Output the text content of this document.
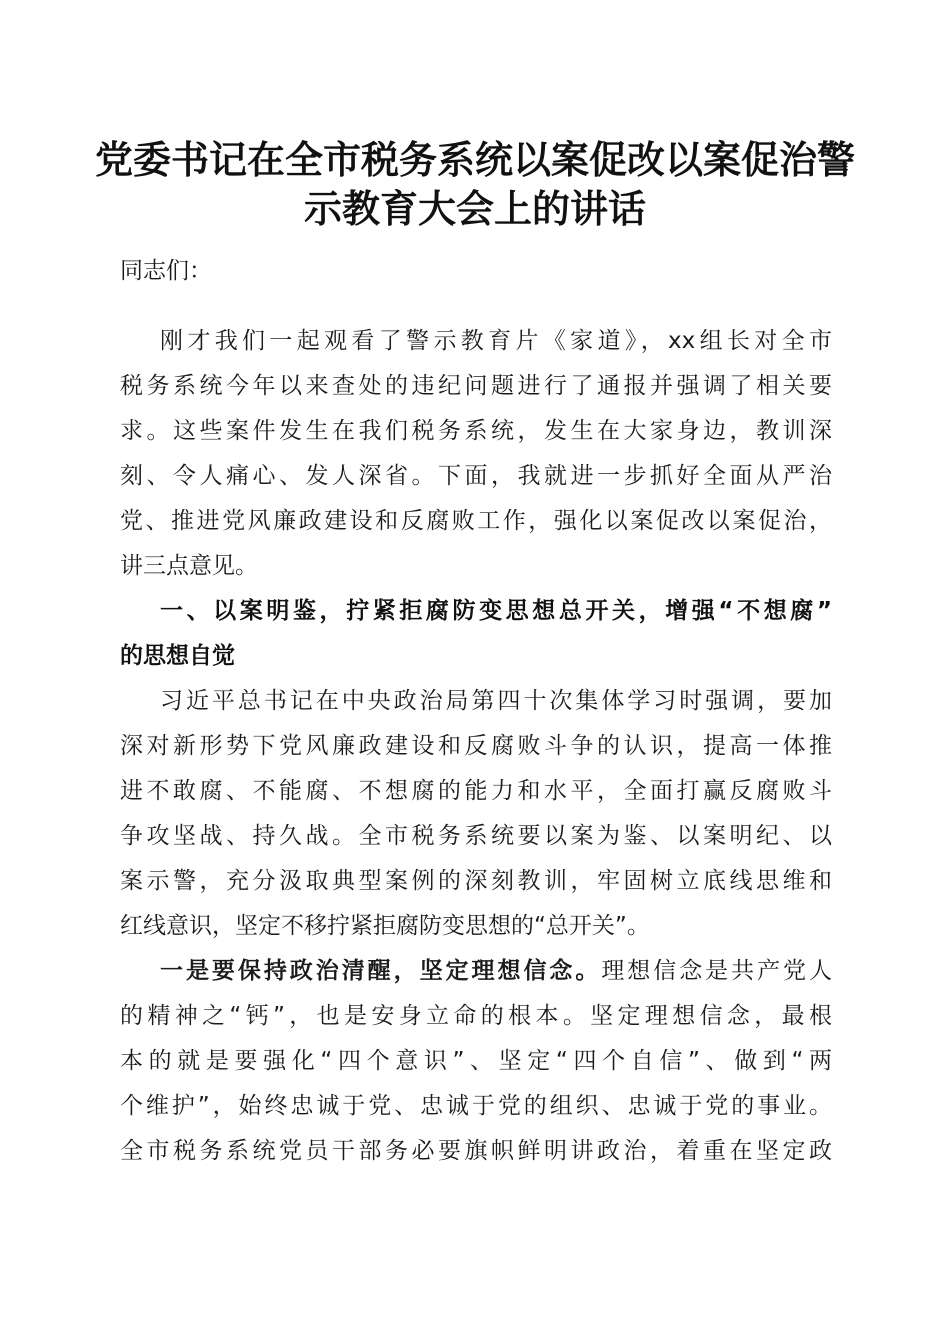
党委书记在全市税务系统以案促改以案促治警
示教育大会上的讲话
同志们：
刚才我们一起观看了警示教育片《家道》，xx组长对全市
税务系统今年以来查处的违纪问题进行了通报并强调了相关要
求。这些案件发生在我们税务系统，发生在大家身边，教训深
刻、令人痛心、发人深省。下面，我就进一步抓好全面从严治
党、推进党风廉政建设和反腐败工作，强化以案促改以案促治，
讲三点意见。
一、以案明鉴，拧紧拒腐防变思想总开关，增强“不想腐”
的思想自觉
习近平总书记在中央政治局第四十次集体学习时强调，要加
深对新形势下党风廉政建设和反腐败斗争的认识，提高一体推
进不敢腐、不能腐、不想腐的能力和水平，全面打赢反腐败斗
争攻坚战、持久战。全市税务系统要以案为鉴、以案明纪、以
案示警，充分汲取典型案例的深刻教训，牢固树立底线思维和
红线意识，坚定不移拧紧拒腐防变思想的“总开关”。
一是要保持政治清醒，坚定理想信念。理想信念是共产党人
的精神之“钙”，也是安身立命的根本。坚定理想信念，最根
本的就是要强化“四个意识”、坚定“四个自信”、做到“两
个维护”，始终忠诚于党、忠诚于党的组织、忠诚于党的事业。
全市税务系统党员干部务必要旗帜鲜明讲政治，着重在坚定政
